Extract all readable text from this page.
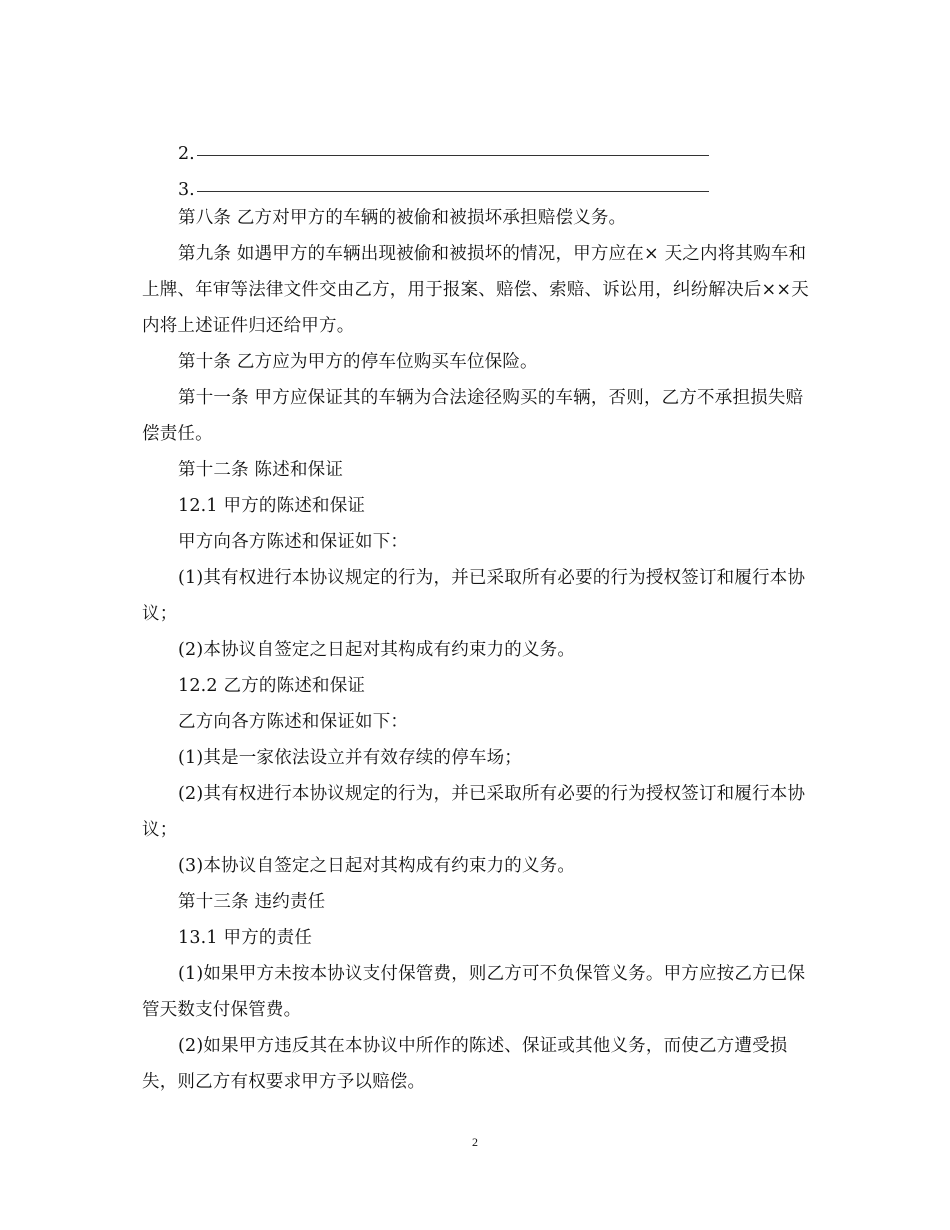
2.
3.

第八条 乙方对甲方的车辆的被偷和被损坏承担赔偿义务。

第九条 如遇甲方的车辆出现被偷和被损坏的情况，甲方应在× 天之内将其购车和上牌、年审等法律文件交由乙方，用于报案、赔偿、索赔、诉讼用，纠纷解决后××天内将上述证件归还给甲方。

第十条 乙方应为甲方的停车位购买车位保险。

第十一条 甲方应保证其的车辆为合法途径购买的车辆，否则，乙方不承担损失赔偿责任。

第十二条 陈述和保证

12.1 甲方的陈述和保证

甲方向各方陈述和保证如下：

(1)其有权进行本协议规定的行为，并已采取所有必要的行为授权签订和履行本协议；

(2)本协议自签定之日起对其构成有约束力的义务。

12.2 乙方的陈述和保证

乙方向各方陈述和保证如下：

(1)其是一家依法设立并有效存续的停车场；

(2)其有权进行本协议规定的行为，并已采取所有必要的行为授权签订和履行本协议；

(3)本协议自签定之日起对其构成有约束力的义务。

第十三条 违约责任

13.1 甲方的责任

(1)如果甲方未按本协议支付保管费，则乙方可不负保管义务。甲方应按乙方已保管天数支付保管费。

(2)如果甲方违反其在本协议中所作的陈述、保证或其他义务，而使乙方遭受损失，则乙方有权要求甲方予以赔偿。

2
